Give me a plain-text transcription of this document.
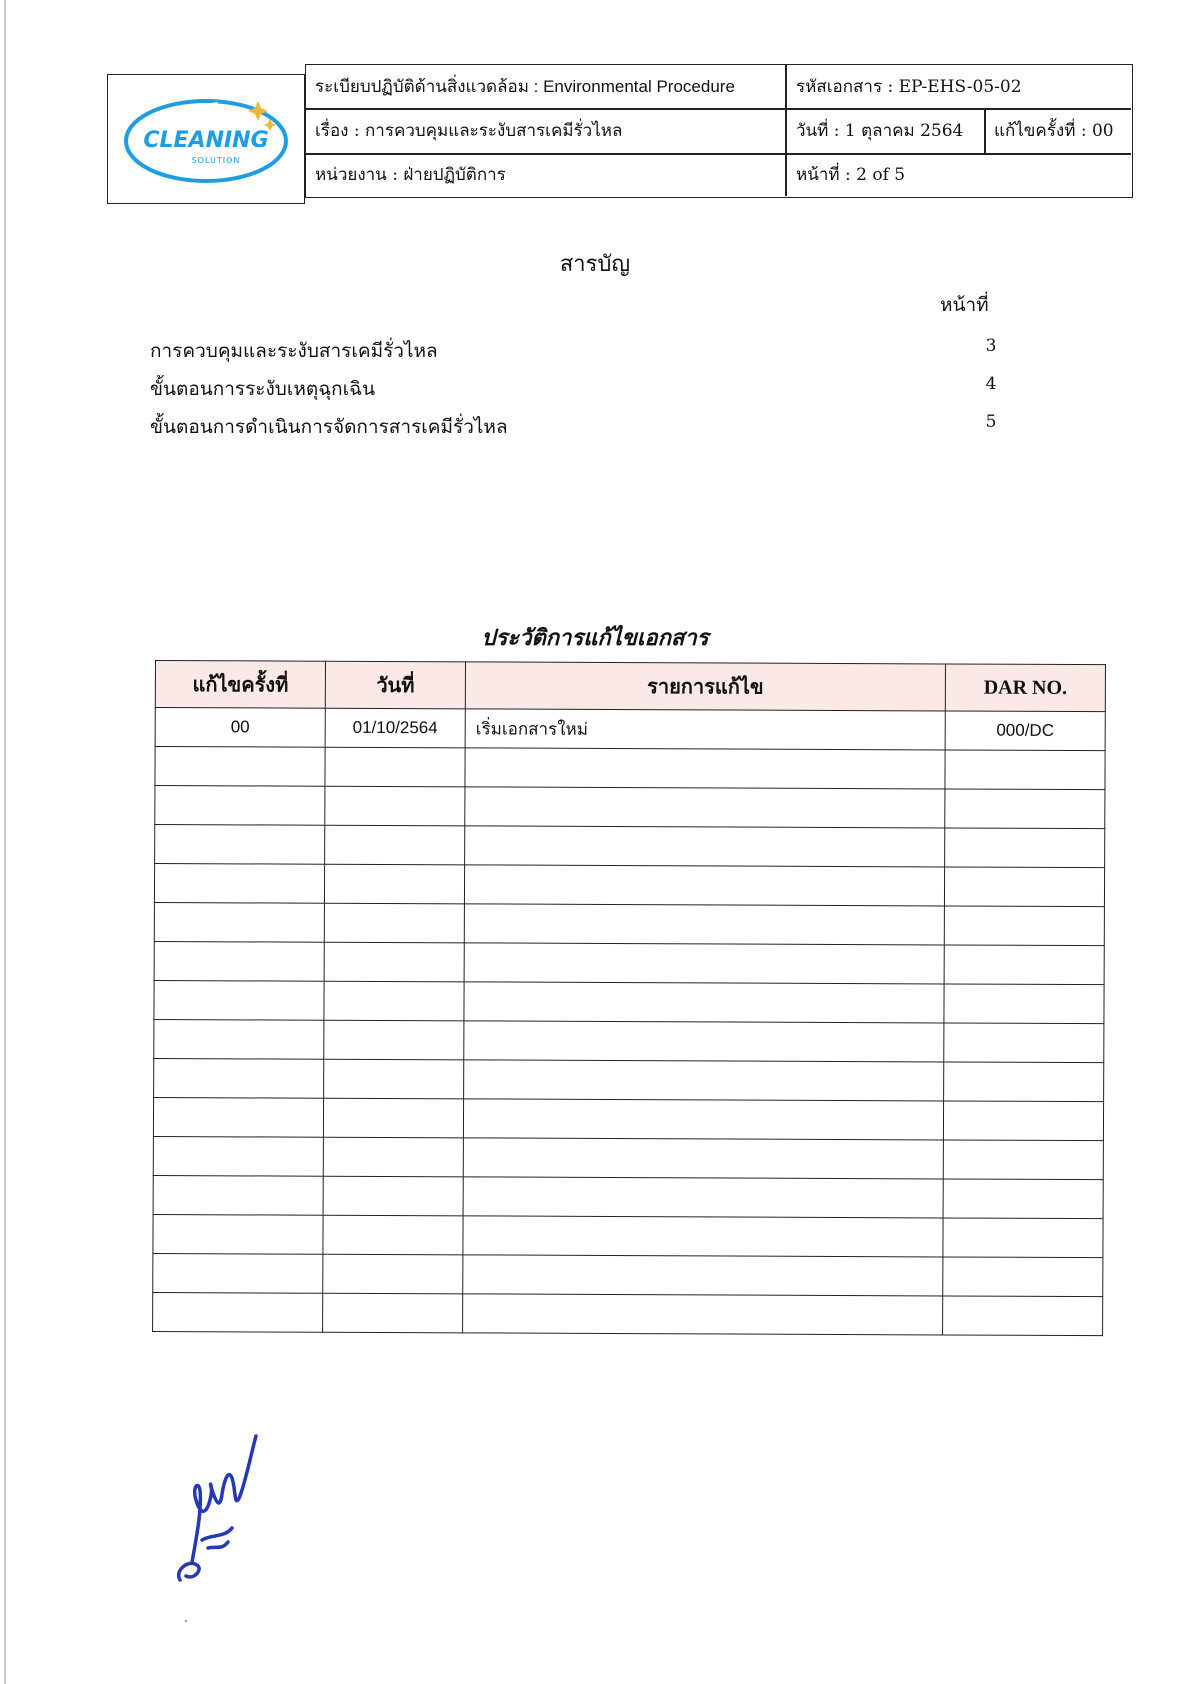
CLEANING
SOLUTION
ระเบียบปฏิบัติด้านสิ่งแวดล้อม : Environmental Procedure
เรื่อง : การควบคุมและระงับสารเคมีรั่วไหล
หน่วยงาน : ฝ่ายปฏิบัติการ
รหัสเอกสาร : EP-EHS-05-02
วันที่ : 1 ตุลาคม 2564 แก้ไขครั้งที่ : 00
หน้าที่ : 2 of 5
สารบัญ
หน้าที่
การควบคุมและระงับสารเคมีรั่วไหล	3
ขั้นตอนการระงับเหตุฉุกเฉิน	4
ขั้นตอนการดำเนินการจัดการสารเคมีรั่วไหล	5
ประวัติการแก้ไขเอกสาร
แก้ไขครั้งที่	วันที่	รายการแก้ไข	DAR NO.
00	01/10/2564	เริ่มเอกสารใหม่	000/DC
